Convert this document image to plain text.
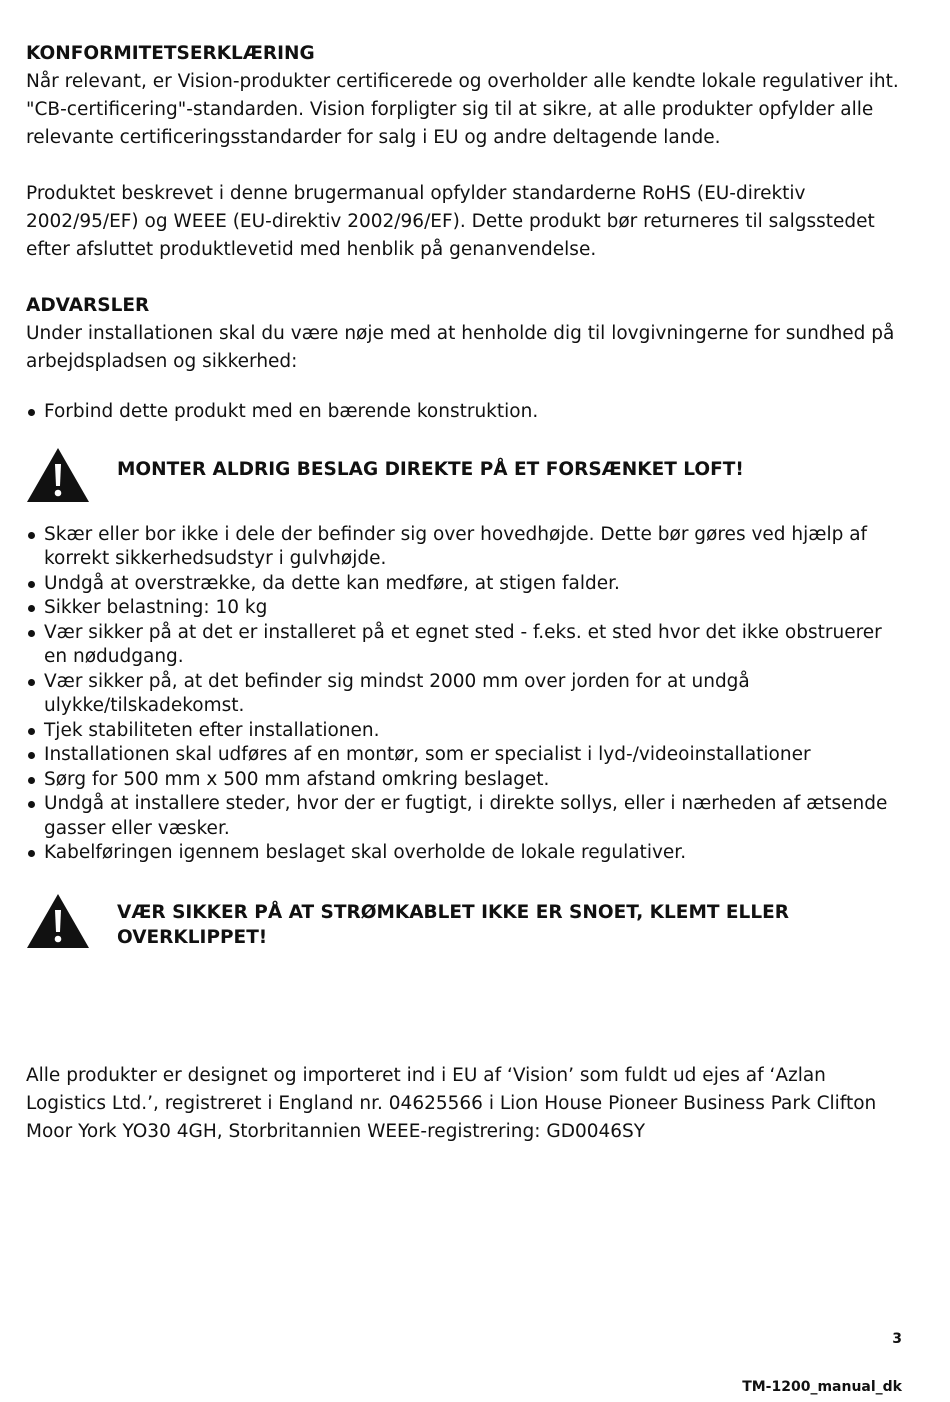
KONFORMITETSERKLÆRING

Når relevant, er Vision-produkter certificerede og overholder alle kendte lokale regulativer iht. "CB-certificering"-standarden. Vision forpligter sig til at sikre, at alle produkter opfylder alle relevante certificeringsstandarder for salg i EU og andre deltagende lande.

Produktet beskrevet i denne brugermanual opfylder standarderne RoHS (EU-direktiv 2002/95/EF) og WEEE (EU-direktiv 2002/96/EF). Dette produkt bør returneres til salgsstedet efter afsluttet produktlevetid med henblik på genanvendelse.

ADVARSLER

Under installationen skal du være nøje med at henholde dig til lovgivningerne for sundhed på arbejdspladsen og sikkerhed:

Forbind dette produkt med en bærende konstruktion.
MONTER ALDRIG BESLAG DIREKTE PÅ ET FORSÆNKET LOFT!
Skær eller bor ikke i dele der befinder sig over hovedhøjde. Dette bør gøres ved hjælp af korrekt sikkerhedsudstyr i gulvhøjde.
Undgå at overstrække, da dette kan medføre, at stigen falder.
Sikker belastning: 10 kg
Vær sikker på at det er installeret på et egnet sted - f.eks. et sted hvor det ikke obstruerer en nødudgang.
Vær sikker på, at det befinder sig mindst 2000 mm over jorden for at undgå ulykke/tilskadekomst.
Tjek stabiliteten efter installationen.
Installationen skal udføres af en montør, som er specialist i lyd-/videoinstallationer
Sørg for 500 mm x 500 mm afstand omkring beslaget.
Undgå at installere steder, hvor der er fugtigt, i direkte sollys, eller i nærheden af ætsende gasser eller væsker.
Kabelføringen igennem beslaget skal overholde de lokale regulativer.
VÆR SIKKER PÅ AT STRØMKABLET IKKE ER SNOET, KLEMT ELLER OVERKLIPPET!

Alle produkter er designet og importeret ind i EU af ‘Vision’ som fuldt ud ejes af ‘Azlan Logistics Ltd.’, registreret i England nr. 04625566 i Lion House Pioneer Business Park Clifton Moor York YO30 4GH, Storbritannien WEEE-registrering: GD0046SY

3
TM-1200_manual_dk
